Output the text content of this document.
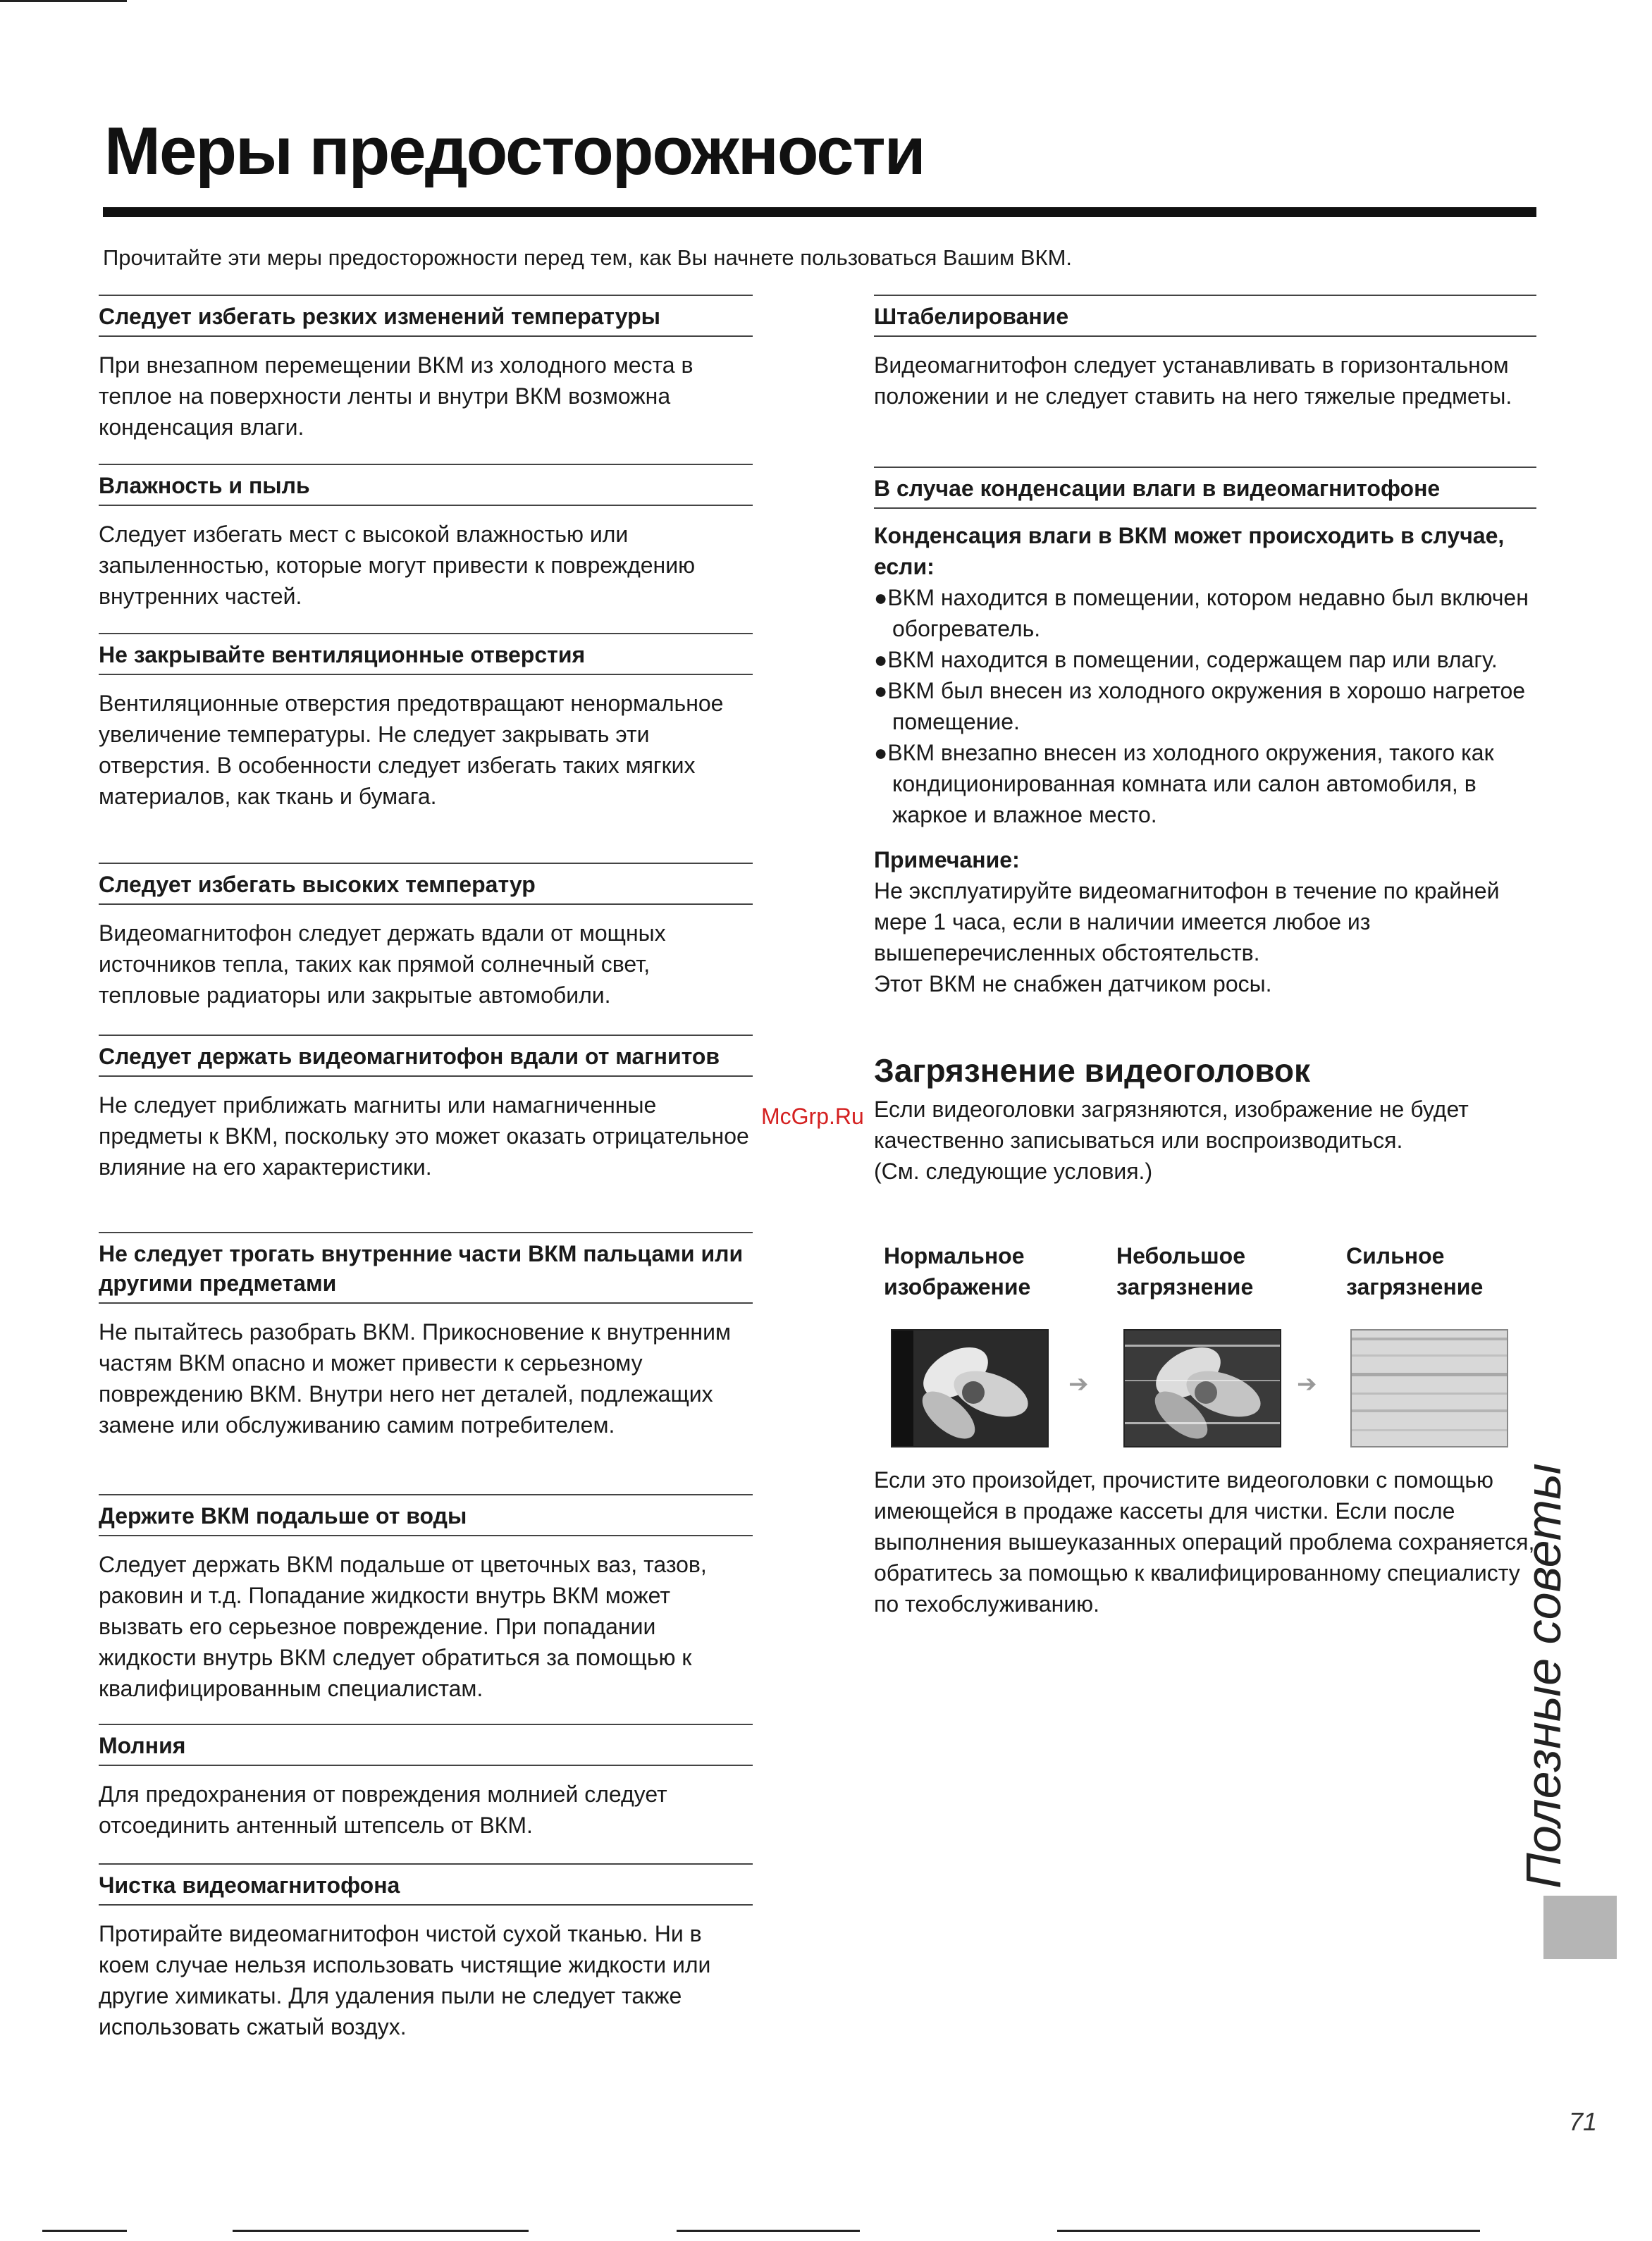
Меры предосторожности
Прочитайте эти меры предосторожности перед тем, как Вы начнете пользоваться Вашим ВКМ.
Следует избегать резких изменений температуры
При внезапном перемещении ВКМ из холодного места в теплое на поверхности ленты и внутри ВКМ возможна конденсация влаги.
Влажность и пыль
Следует избегать мест с высокой влажностью или запыленностью, которые могут привести к повреждению внутренних частей.
Не закрывайте вентиляционные отверстия
Вентиляционные отверстия предотвращают ненормальное увеличение температуры. Не следует закрывать эти отверстия. В особенности следует избегать таких мягких материалов, как ткань и бумага.
Следует избегать высоких температур
Видеомагнитофон следует держать вдали от мощных источников тепла, таких как прямой солнечный свет, тепловые радиаторы или закрытые автомобили.
Следует держать видеомагнитофон вдали от магнитов
Не следует приближать магниты или намагниченные предметы к ВКМ, поскольку это может оказать отрицательное влияние на его характеристики.
Не следует трогать внутренние части ВКМ пальцами или другими предметами
Не пытайтесь разобрать ВКМ. Прикосновение к внутренним частям ВКМ опасно и может привести к серьезному повреждению ВКМ. Внутри него нет деталей, подлежащих замене или обслуживанию самим потребителем.
Держите ВКМ подальше от воды
Следует держать ВКМ подальше от цветочных ваз, тазов, раковин и т.д. Попадание жидкости внутрь ВКМ может вызвать его серьезное повреждение. При попадании жидкости внутрь ВКМ следует обратиться за помощью к квалифицированным специалистам.
Молния
Для предохранения от повреждения молнией следует отсоединить антенный штепсель от ВКМ.
Чистка видеомагнитофона
Протирайте видеомагнитофон чистой сухой тканью. Ни в коем случае нельзя использовать чистящие жидкости или другие химикаты. Для удаления пыли не следует также использовать сжатый воздух.
Штабелирование
Видеомагнитофон следует устанавливать в горизонтальном положении и не следует ставить на него тяжелые предметы.
В случае конденсации влаги в видеомагнитофоне
Конденсация влаги в ВКМ может происходить в случае, если:
●ВКМ находится в помещении, котором недавно был включен обогреватель.
●ВКМ находится в помещении, содержащем пар или влагу.
●ВКМ был внесен из холодного окружения в хорошо нагретое помещение.
●ВКМ внезапно внесен из холодного окружения, такого как кондиционированная комната или салон автомобиля, в жаркое и влажное место.
Примечание:
Не эксплуатируйте видеомагнитофон в течение по крайней мере 1 часа, если в наличии имеется любое из вышеперечисленных обстоятельств.
Этот ВКМ не снабжен датчиком росы.
Загрязнение видеоголовок
Если видеоголовки загрязняются, изображение не будет качественно записываться или воспроизводиться.
(См. следующие условия.)
Нормальное изображение
Небольшое загрязнение
Сильное загрязнение
➔	➔
Если это произойдет, прочистите видеоголовки с помощью имеющейся в продаже кассеты для чистки. Если после выполнения вышеуказанных операций проблема сохраняется, обратитесь за помощью к квалифицированному специалисту по техобслуживанию.	Полезные советы
McGrp.Ru
71
